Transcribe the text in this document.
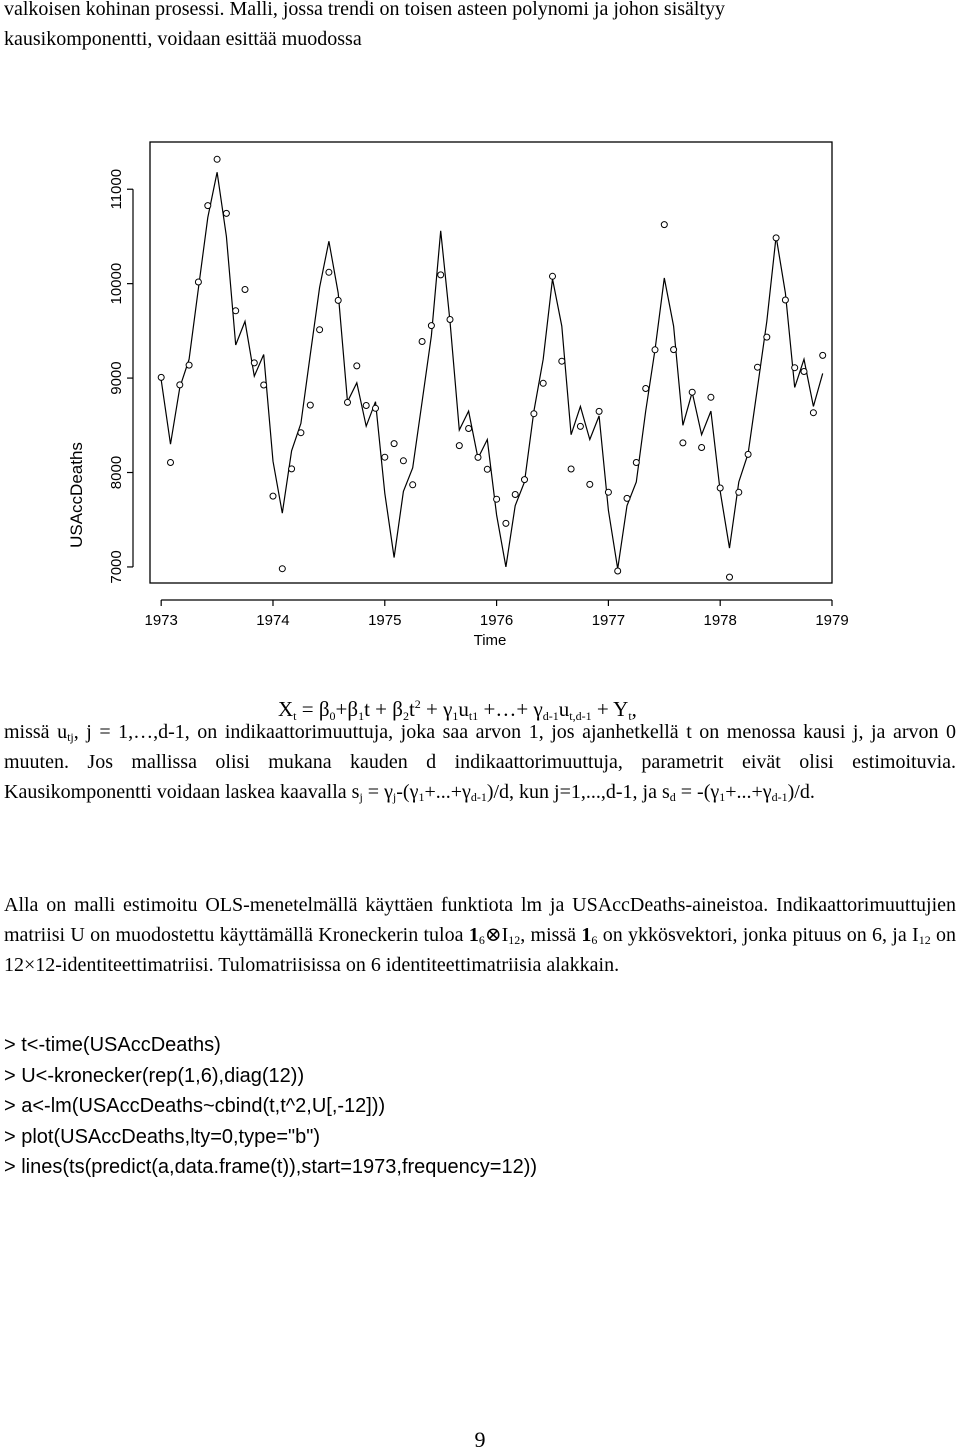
valkoisen kohinan prosessi. Malli, jossa trendi on toisen asteen polynomi ja johon sisältyy
kausikomponentti, voidaan esittää muodossa
1973	1974	1975	1976	1977	1978	1979
7000
8000
9000
10000
11000
Time
USAccDeaths
$X_t = \beta_0+\beta_1t + \beta_2t^2 + \gamma_1u_{t1}$ +…+ $\gamma_{d-1}u_{t,d-1} + Y_t$,
missä $u_{tj}$, j = 1,…,d-1, on indikaattorimuuttuja, joka saa arvon 1, jos ajanhetkellä t on menossa kausi j, ja arvon 0 muuten. Jos mallissa olisi mukana kauden d indikaattorimuuttuja, parametrit eivät olisi estimoituvia. Kausikomponentti voidaan laskea kaavalla $s_j = \gamma_j-(\gamma_1+...+\gamma_{d-1})/d$, kun j=1,...,d-1, ja $s_d = -(\gamma_1+...+\gamma_{d-1})/d$.
Alla on malli estimoitu OLS-menetelmällä käyttäen funktiota lm ja USAccDeaths-aineistoa. Indikaattorimuuttujien matriisi U on muodostettu käyttämällä Kroneckerin tuloa $1_6\otimes I_{12}$, missä $1_6$ on ykkösvektori, jonka pituus on 6, ja $I_{12}$ on 12×12-identiteettimatriisi. Tulomatriisissa on 6 identiteettimatriisia alakkain.
> t<-time(USAccDeaths)
> U<-kronecker(rep(1,6),diag(12))
> a<-lm(USAccDeaths~cbind(t,t^2,U[,-12]))
> plot(USAccDeaths,lty=0,type="b")
> lines(ts(predict(a,data.frame(t)),start=1973,frequency=12))
9
